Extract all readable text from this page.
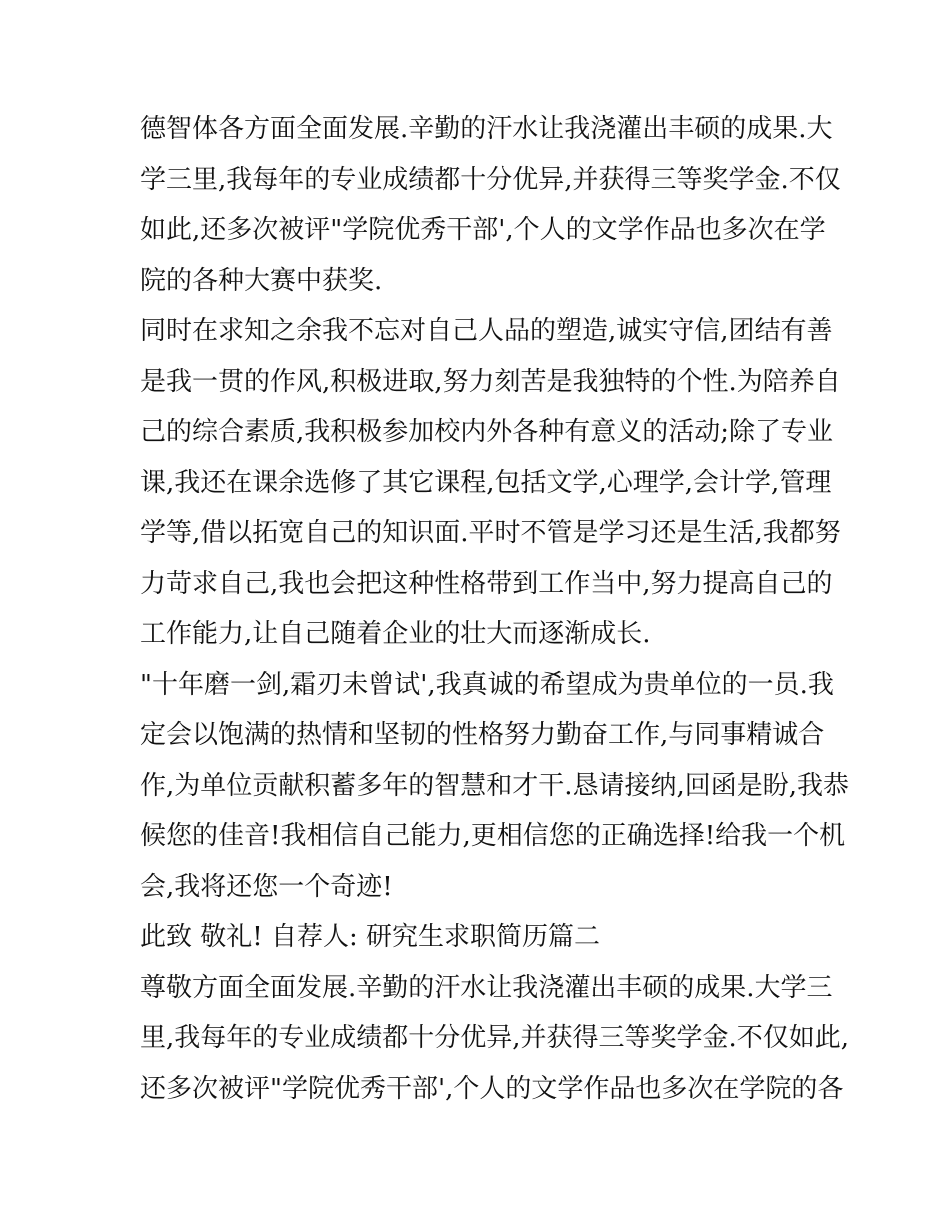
德智体各方面全面发展.辛勤的汗水让我浇灌出丰硕的成果.大
学三里,我每年的专业成绩都十分优异,并获得三等奖学金.不仅
如此,还多次被评"学院优秀干部',个人的文学作品也多次在学
院的各种大赛中获奖.
同时在求知之余我不忘对自己人品的塑造,诚实守信,团结有善
是我一贯的作风,积极进取,努力刻苦是我独特的个性.为陪养自
己的综合素质,我积极参加校内外各种有意义的活动;除了专业
课,我还在课余选修了其它课程,包括文学,心理学,会计学,管理
学等,借以拓宽自己的知识面.平时不管是学习还是生活,我都努
力苛求自己,我也会把这种性格带到工作当中,努力提高自己的
工作能力,让自己随着企业的壮大而逐渐成长.
"十年磨一剑,霜刃未曾试',我真诚的希望成为贵单位的一员.我
定会以饱满的热情和坚韧的性格努力勤奋工作,与同事精诚合
作,为单位贡献积蓄多年的智慧和才干.恳请接纳,回函是盼,我恭
候您的佳音!我相信自己能力,更相信您的正确选择!给我一个机
会,我将还您一个奇迹!
此致 敬礼! 自荐人: 研究生求职简历篇二
尊敬方面全面发展.辛勤的汗水让我浇灌出丰硕的成果.大学三
里,我每年的专业成绩都十分优异,并获得三等奖学金.不仅如此,
还多次被评"学院优秀干部',个人的文学作品也多次在学院的各
